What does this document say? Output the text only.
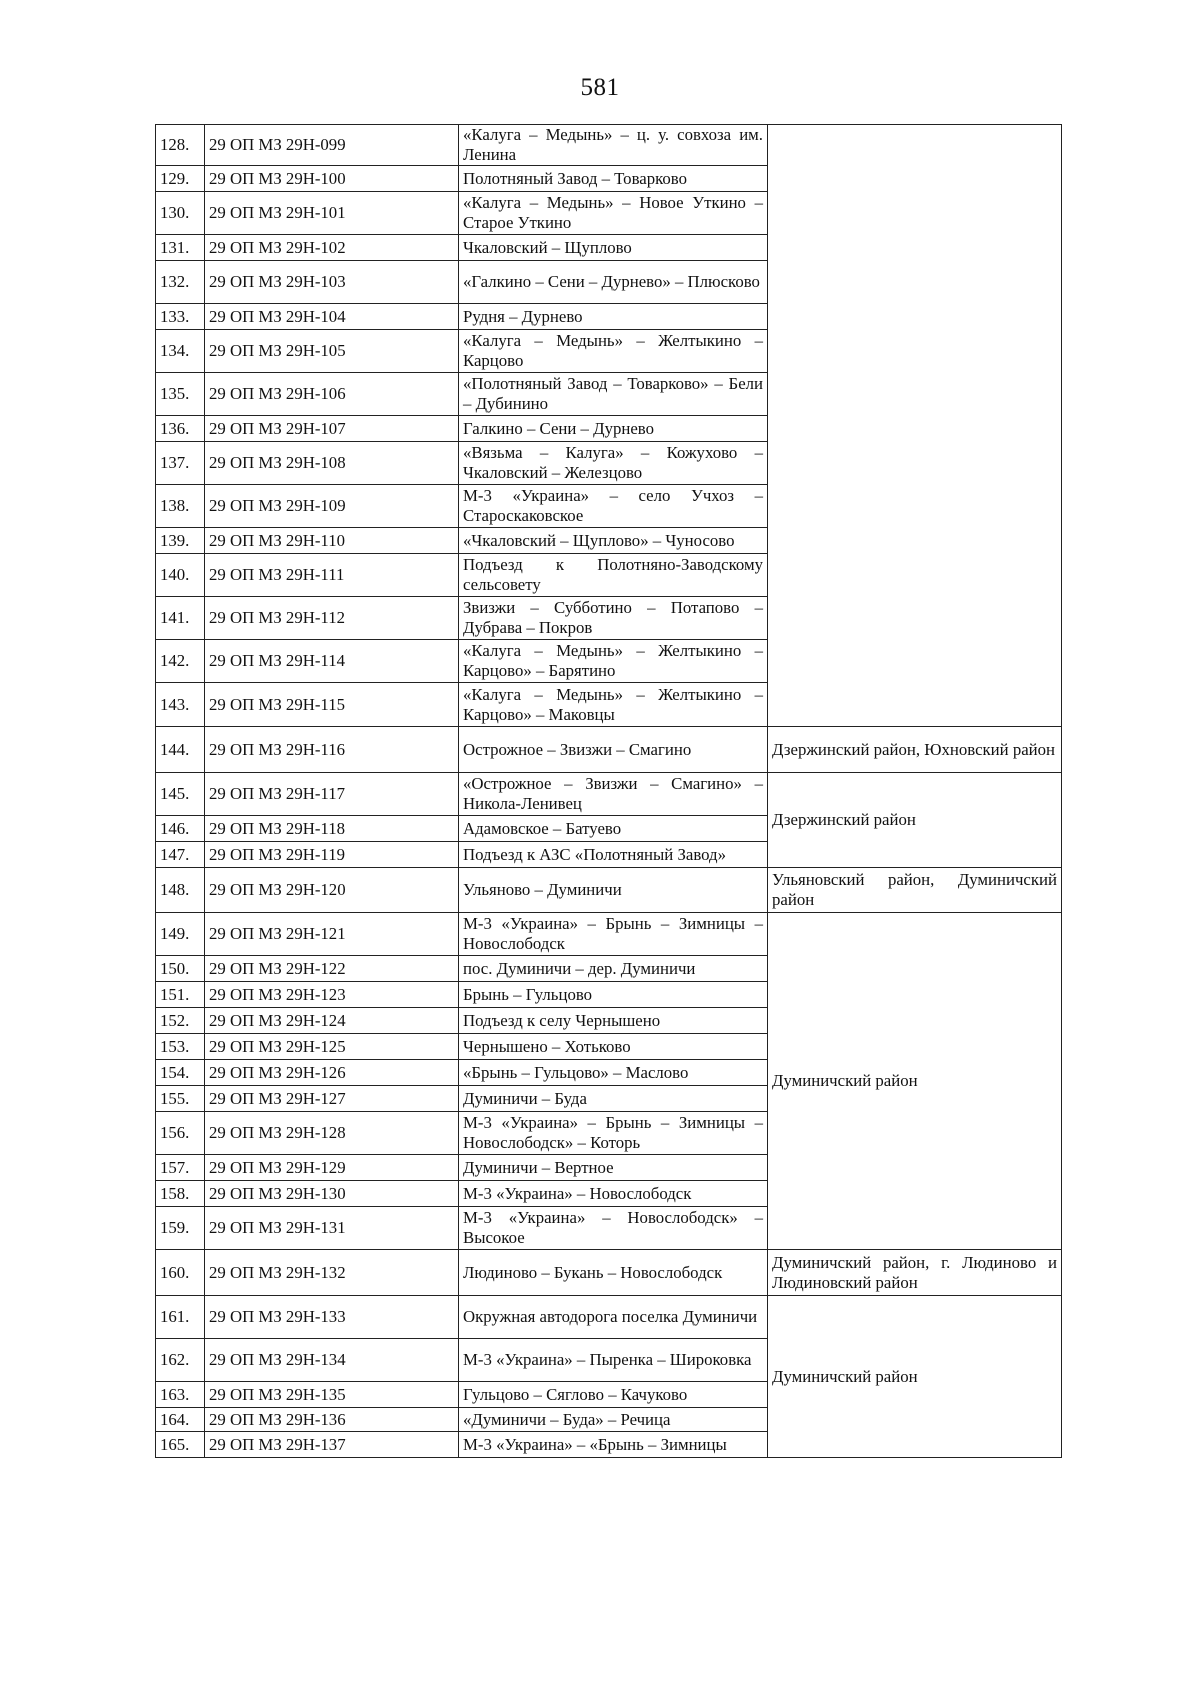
581
128.	29 ОП МЗ 29Н-099	«Калуга – Медынь» – ц. у. совхоза им. Ленина	
129.	29 ОП МЗ 29Н-100	Полотняный Завод – Товарково	
130.	29 ОП МЗ 29Н-101	«Калуга – Медынь» – Новое Уткино – Старое Уткино	
131.	29 ОП МЗ 29Н-102	Чкаловский – Щуплово	
132.	29 ОП МЗ 29Н-103	«Галкино – Сени – Дурнево» – Плюсково	
133.	29 ОП МЗ 29Н-104	Рудня – Дурнево	
134.	29 ОП МЗ 29Н-105	«Калуга – Медынь» – Желтыкино – Карцово	
135.	29 ОП МЗ 29Н-106	«Полотняный Завод – Товарково» – Бели – Дубинино	
136.	29 ОП МЗ 29Н-107	Галкино – Сени – Дурнево	
137.	29 ОП МЗ 29Н-108	«Вязьма – Калуга» – Кожухово – Чкаловский – Железцово	
138.	29 ОП МЗ 29Н-109	М-3 «Украина» – село Учхоз – Староскаковское	
139.	29 ОП МЗ 29Н-110	«Чкаловский – Щуплово» – Чуносово	
140.	29 ОП МЗ 29Н-111	Подъезд к Полотняно-Заводскому сельсовету	
141.	29 ОП МЗ 29Н-112	Звизжи – Субботино – Потапово – Дубрава – Покров	
142.	29 ОП МЗ 29Н-114	«Калуга – Медынь» – Желтыкино – Карцово» – Барятино	
143.	29 ОП МЗ 29Н-115	«Калуга – Медынь» – Желтыкино – Карцово» – Маковцы	
144.	29 ОП МЗ 29Н-116	Острожное – Звизжи – Смагино	Дзержинский район, Юхновский район
145.	29 ОП МЗ 29Н-117	«Острожное – Звизжи – Смагино» – Никола-Ленивец	Дзержинский район
146.	29 ОП МЗ 29Н-118	Адамовское – Батуево	
147.	29 ОП МЗ 29Н-119	Подъезд к АЗС «Полотняный Завод»	
148.	29 ОП МЗ 29Н-120	Ульяново – Думиничи	Ульяновский район, Думиничский район
149.	29 ОП МЗ 29Н-121	М-3 «Украина» – Брынь – Зимницы – Новослободск	Думиничский район
150.	29 ОП МЗ 29Н-122	пос. Думиничи – дер. Думиничи	
151.	29 ОП МЗ 29Н-123	Брынь – Гульцово	
152.	29 ОП МЗ 29Н-124	Подъезд к селу Чернышено	
153.	29 ОП МЗ 29Н-125	Чернышено – Хотьково	
154.	29 ОП МЗ 29Н-126	«Брынь – Гульцово» – Маслово	
155.	29 ОП МЗ 29Н-127	Думиничи – Буда	
156.	29 ОП МЗ 29Н-128	М-3 «Украина» – Брынь – Зимницы – Новослободск» – Которь	
157.	29 ОП МЗ 29Н-129	Думиничи – Вертное	
158.	29 ОП МЗ 29Н-130	М-3 «Украина» – Новослободск	
159.	29 ОП МЗ 29Н-131	М-3 «Украина» – Новослободск» – Высокое	
160.	29 ОП МЗ 29Н-132	Людиново – Букань – Новослободск	Думиничский район, г. Людиново и Людиновский район
161.	29 ОП МЗ 29Н-133	Окружная автодорога поселка Думиничи	Думиничский район
162.	29 ОП МЗ 29Н-134	М-3 «Украина» – Пыренка – Широковка	
163.	29 ОП МЗ 29Н-135	Гульцово – Сяглово – Качуково	
164.	29 ОП МЗ 29Н-136	«Думиничи – Буда» – Речица	
165.	29 ОП МЗ 29Н-137	М-3 «Украина» – «Брынь – Зимницы	
